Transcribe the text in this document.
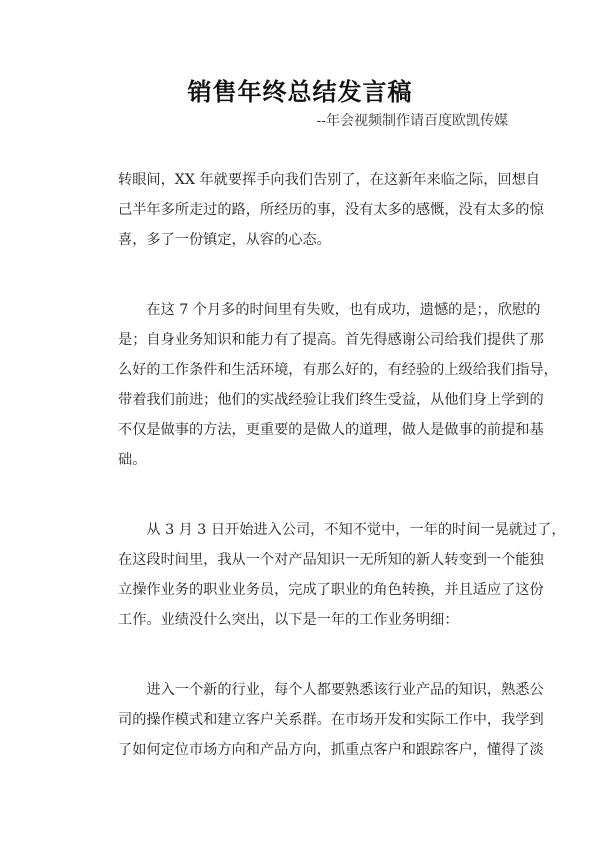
销售年终总结发言稿
--年会视频制作请百度欧凯传媒
转眼间，XX 年就要挥手向我们告别了，在这新年来临之际，回想自
己半年多所走过的路，所经历的事，没有太多的感慨，没有太多的惊
喜，多了一份镇定，从容的心态。
　　在这 7 个月多的时间里有失败，也有成功，遗憾的是；，欣慰的
是；自身业务知识和能力有了提高。首先得感谢公司给我们提供了那
么好的工作条件和生活环境，有那么好的，有经验的上级给我们指导，
带着我们前进；他们的实战经验让我们终生受益，从他们身上学到的
不仅是做事的方法，更重要的是做人的道理，做人是做事的前提和基
础。
　　从 3 月 3 日开始进入公司，不知不觉中，一年的时间一晃就过了，
在这段时间里，我从一个对产品知识一无所知的新人转变到一个能独
立操作业务的职业业务员，完成了职业的角色转换，并且适应了这份
工作。业绩没什么突出，以下是一年的工作业务明细：
　　进入一个新的行业，每个人都要熟悉该行业产品的知识，熟悉公
司的操作模式和建立客户关系群。在市场开发和实际工作中，我学到
了如何定位市场方向和产品方向，抓重点客户和跟踪客户，懂得了淡
